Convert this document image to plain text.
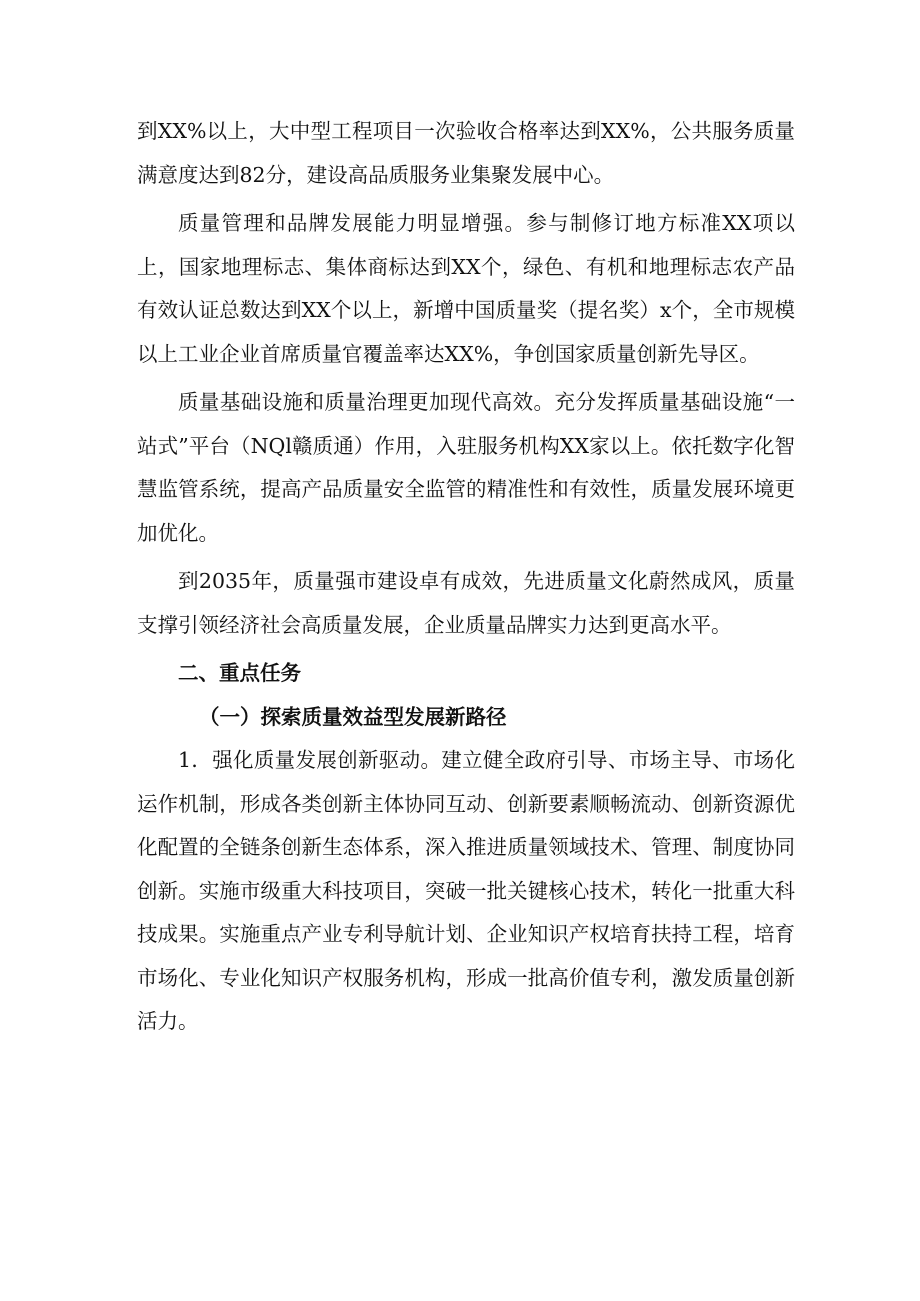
到XX%以上，大中型工程项目一次验收合格率达到XX%，公共服务质量满意度达到82分，建设高品质服务业集聚发展中心。

质量管理和品牌发展能力明显增强。参与制修订地方标准XX项以上，国家地理标志、集体商标达到XX个，绿色、有机和地理标志农产品有效认证总数达到XX个以上，新增中国质量奖（提名奖）x个，全市规模以上工业企业首席质量官覆盖率达XX%，争创国家质量创新先导区。

质量基础设施和质量治理更加现代高效。充分发挥质量基础设施“一站式”平台（NQl赣质通）作用，入驻服务机构XX家以上。依托数字化智慧监管系统，提高产品质量安全监管的精准性和有效性，质量发展环境更加优化。

到2035年，质量强市建设卓有成效，先进质量文化蔚然成风，质量支撑引领经济社会高质量发展，企业质量品牌实力达到更高水平。

二、重点任务
（一）探索质量效益型发展新路径

1．强化质量发展创新驱动。建立健全政府引导、市场主导、市场化运作机制，形成各类创新主体协同互动、创新要素顺畅流动、创新资源优化配置的全链条创新生态体系，深入推进质量领域技术、管理、制度协同创新。实施市级重大科技项目，突破一批关键核心技术，转化一批重大科技成果。实施重点产业专利导航计划、企业知识产权培育扶持工程，培育市场化、专业化知识产权服务机构，形成一批高价值专利，激发质量创新活力。
